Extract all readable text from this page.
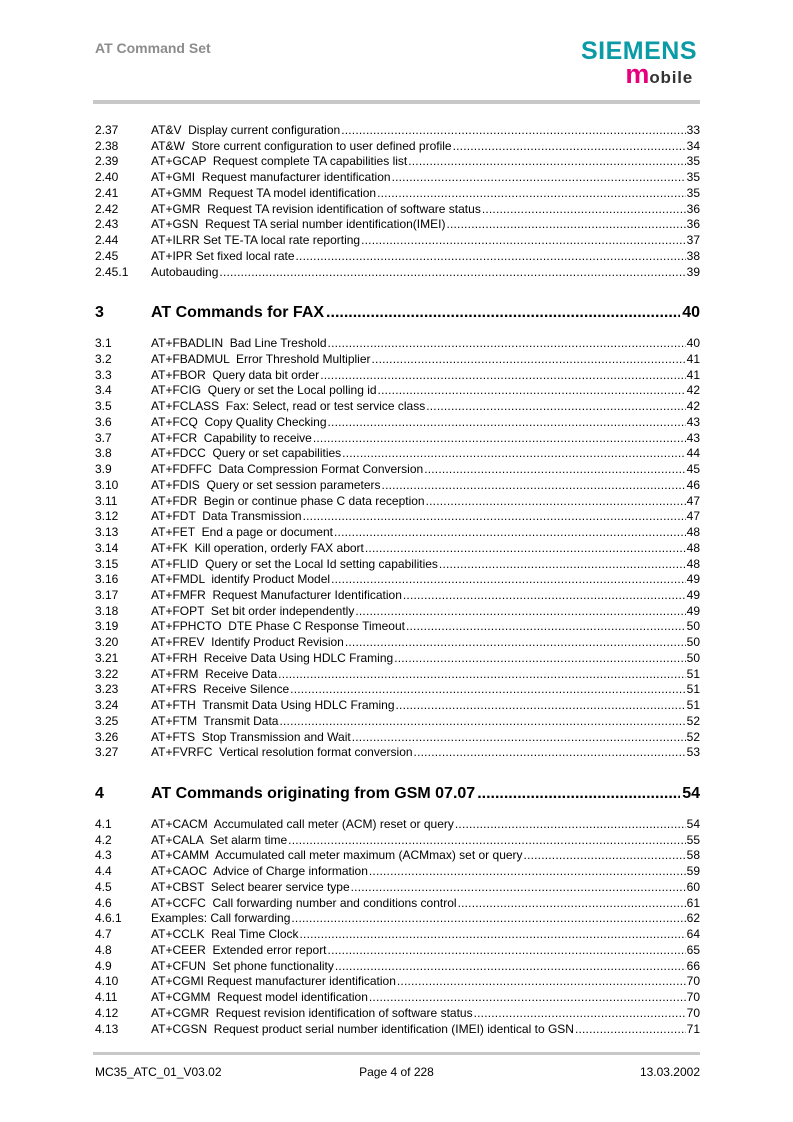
AT Command Set	SIEMENS
mobile
2.37	AT&V  Display current configuration .....	33
2.38	AT&W  Store current configuration to user defined profile .....	34
2.39	AT+GCAP  Request complete TA capabilities list .....	35
2.40	AT+GMI  Request manufacturer identification .....	35
2.41	AT+GMM  Request TA model identification .....	35
2.42	AT+GMR  Request TA revision identification of software status .....	36
2.43	AT+GSN  Request TA serial number identification(IMEI) .....	36
2.44	AT+ILRR Set TE-TA local rate reporting .....	37
2.45	AT+IPR Set fixed local rate .....	38
2.45.1	Autobauding .....	39
3	AT Commands for FAX .....	40
3.1	AT+FBADLIN  Bad Line Treshold .....	40
3.2	AT+FBADMUL  Error Threshold Multiplier .....	41
3.3	AT+FBOR  Query data bit order .....	41
3.4	AT+FCIG  Query or set the Local polling id .....	42
3.5	AT+FCLASS  Fax: Select, read or test service class .....	42
3.6	AT+FCQ  Copy Quality Checking .....	43
3.7	AT+FCR  Capability to receive .....	43
3.8	AT+FDCC  Query or set capabilities .....	44
3.9	AT+FDFFC  Data Compression Format Conversion .....	45
3.10	AT+FDIS  Query or set session parameters .....	46
3.11	AT+FDR  Begin or continue phase C data reception .....	47
3.12	AT+FDT  Data Transmission .....	47
3.13	AT+FET  End a page or document .....	48
3.14	AT+FK  Kill operation, orderly FAX abort .....	48
3.15	AT+FLID  Query or set the Local Id setting capabilities .....	48
3.16	AT+FMDL  identify Product Model .....	49
3.17	AT+FMFR  Request Manufacturer Identification .....	49
3.18	AT+FOPT  Set bit order independently .....	49
3.19	AT+FPHCTO  DTE Phase C Response Timeout .....	50
3.20	AT+FREV  Identify Product Revision .....	50
3.21	AT+FRH  Receive Data Using HDLC Framing .....	50
3.22	AT+FRM  Receive Data .....	51
3.23	AT+FRS  Receive Silence .....	51
3.24	AT+FTH  Transmit Data Using HDLC Framing .....	51
3.25	AT+FTM  Transmit Data .....	52
3.26	AT+FTS  Stop Transmission and Wait .....	52
3.27	AT+FVRFC  Vertical resolution format conversion .....	53
4	AT Commands originating from GSM 07.07 .....	54
4.1	AT+CACM  Accumulated call meter (ACM) reset or query .....	54
4.2	AT+CALA  Set alarm time .....	55
4.3	AT+CAMM  Accumulated call meter maximum (ACMmax) set or query .....	58
4.4	AT+CAOC  Advice of Charge information .....	59
4.5	AT+CBST  Select bearer service type .....	60
4.6	AT+CCFC  Call forwarding number and conditions control .....	61
4.6.1	Examples: Call forwarding .....	62
4.7	AT+CCLK  Real Time Clock .....	64
4.8	AT+CEER  Extended error report .....	65
4.9	AT+CFUN  Set phone functionality .....	66
4.10	AT+CGMI Request manufacturer identification .....	70
4.11	AT+CGMM  Request model identification .....	70
4.12	AT+CGMR  Request revision identification of software status .....	70
4.13	AT+CGSN  Request product serial number identification (IMEI) identical to GSN .....	71
MC35_ATC_01_V03.02	Page 4 of 228	13.03.2002
